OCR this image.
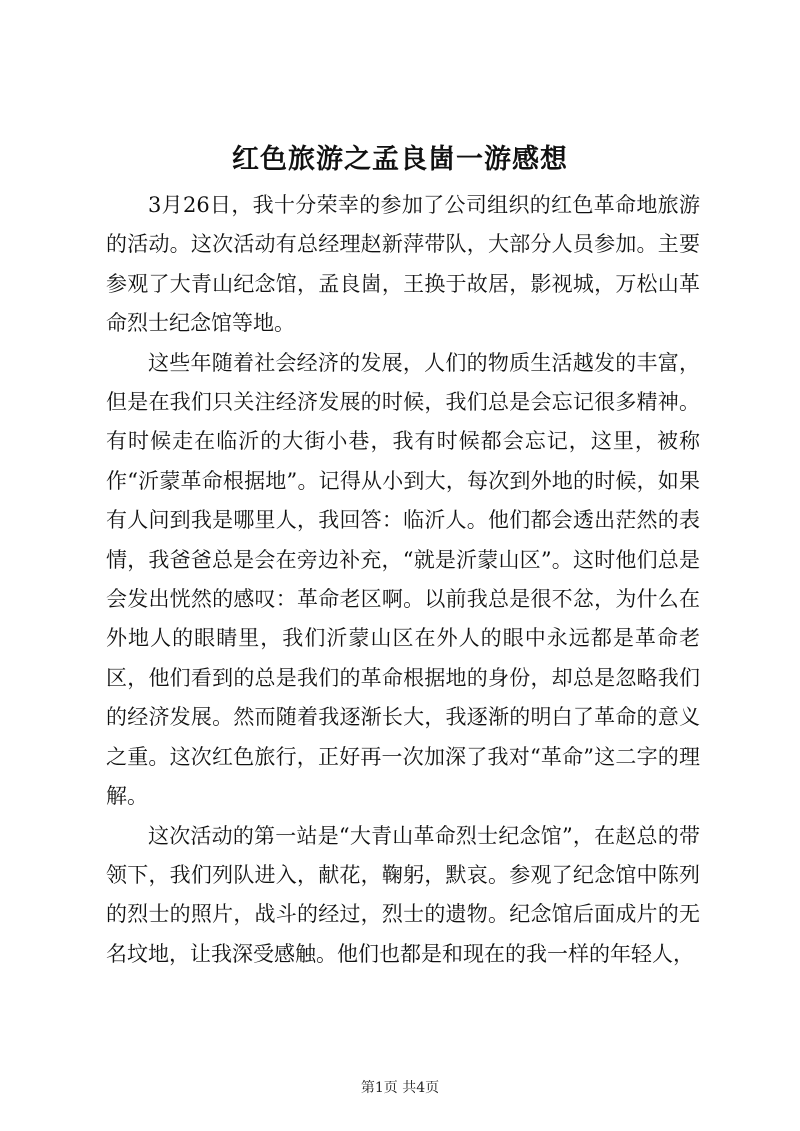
红色旅游之孟良崮一游感想

3月26日，我十分荣幸的参加了公司组织的红色革命地旅游的活动。这次活动有总经理赵新萍带队，大部分人员参加。主要参观了大青山纪念馆，孟良崮，王换于故居，影视城，万松山革命烈士纪念馆等地。

这些年随着社会经济的发展，人们的物质生活越发的丰富，但是在我们只关注经济发展的时候，我们总是会忘记很多精神。有时候走在临沂的大街小巷，我有时候都会忘记，这里，被称作“沂蒙革命根据地”。记得从小到大，每次到外地的时候，如果有人问到我是哪里人，我回答：临沂人。他们都会透出茫然的表情，我爸爸总是会在旁边补充，“就是沂蒙山区”。这时他们总是会发出恍然的感叹：革命老区啊。以前我总是很不忿，为什么在外地人的眼睛里，我们沂蒙山区在外人的眼中永远都是革命老区，他们看到的总是我们的革命根据地的身份，却总是忽略我们的经济发展。然而随着我逐渐长大，我逐渐的明白了革命的意义之重。这次红色旅行，正好再一次加深了我对“革命”这二字的理解。

这次活动的第一站是“大青山革命烈士纪念馆”，在赵总的带领下，我们列队进入，献花，鞠躬，默哀。参观了纪念馆中陈列的烈士的照片，战斗的经过，烈士的遗物。纪念馆后面成片的无名坟地，让我深受感触。他们也都是和现在的我一样的年轻人，

第1页 共4页
